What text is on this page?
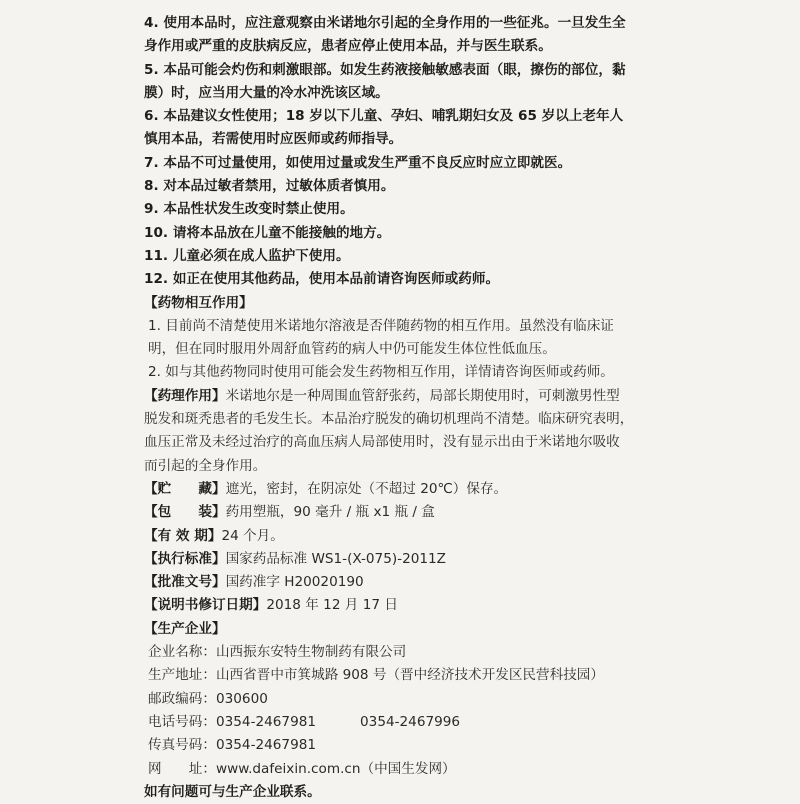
4. 使用本品时，应注意观察由米诺地尔引起的全身作用的一些征兆。一旦发生全
身作用或严重的皮肤病反应，患者应停止使用本品，并与医生联系。
5. 本品可能会灼伤和刺激眼部。如发生药液接触敏感表面（眼，擦伤的部位，黏
膜）时，应当用大量的冷水冲洗该区域。
6. 本品建议女性使用；18 岁以下儿童、孕妇、哺乳期妇女及 65 岁以上老年人
慎用本品，若需使用时应医师或药师指导。
7. 本品不可过量使用，如使用过量或发生严重不良反应时应立即就医。
8. 对本品过敏者禁用，过敏体质者慎用。
9. 本品性状发生改变时禁止使用。
10. 请将本品放在儿童不能接触的地方。
11. 儿童必须在成人监护下使用。
12. 如正在使用其他药品，使用本品前请咨询医师或药师。
【药物相互作用】
1. 目前尚不清楚使用米诺地尔溶液是否伴随药物的相互作用。虽然没有临床证
明，但在同时服用外周舒血管药的病人中仍可能发生体位性低血压。
2. 如与其他药物同时使用可能会发生药物相互作用，详情请咨询医师或药师。
【药理作用】米诺地尔是一种周围血管舒张药，局部长期使用时，可刺激男性型
脱发和斑秃患者的毛发生长。本品治疗脱发的确切机理尚不清楚。临床研究表明，
血压正常及未经过治疗的高血压病人局部使用时，没有显示出由于米诺地尔吸收
而引起的全身作用。
【贮　　藏】遮光，密封，在阴凉处（不超过 20℃）保存。
【包　　装】药用塑瓶，90 毫升 / 瓶 x1 瓶 / 盒
【有 效 期】24 个月。
【执行标准】国家药品标准 WS1-(X-075)-2011Z
【批准文号】国药准字 H20020190
【说明书修订日期】2018 年 12 月 17 日
【生产企业】
企业名称：山西振东安特生物制药有限公司
生产地址：山西省晋中市箕城路 908 号（晋中经济技术开发区民营科技园）
邮政编码：030600
电话号码：0354-2467981	0354-2467996
传真号码：0354-2467981
网　　址：www.dafeixin.com.cn（中国生发网）
如有问题可与生产企业联系。
